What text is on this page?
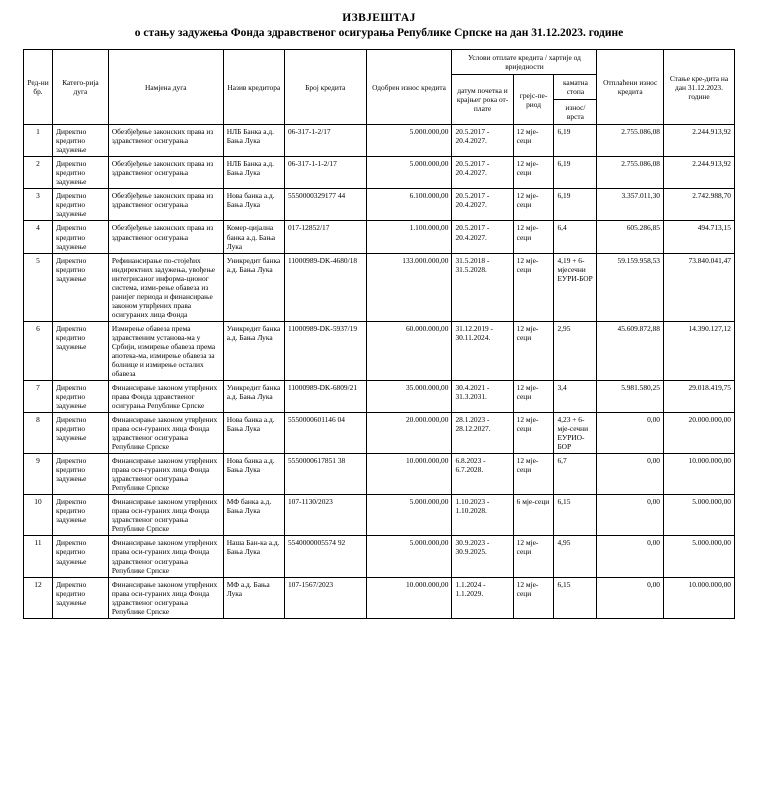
ИЗВЈЕШТАЈ
о стању задужења Фонда здравственог осигурања Републике Српске на дан 31.12.2023. године
Ред-ни бр.	Катего-рија дуга	Намјена дуга	Назив кредитора	Број кредита	Одобрен износ кредита	Услови отплате кредита / хартије од вриједности			Отплаћени износ кредита	Стање кре-дита на дан 31.12.2023. године
						датум почетка и крајњег рока от-плате	грејс-пе-риод	каматна стопа		
								износ/ врста		
1	Директно кредитно задужење	Обезбјеђење законских права из здравственог осигурања	НЛБ Банка а.д. Бања Лука	06-317-1-2/17	5.000.000,00	20.5.2017 - 20.4.2027.	12 мје-сеци	6,19	2.755.086,08	2.244.913,92
2	Директно кредитно задужење	Обезбјеђење законских права из здравственог осигурања	НЛБ Банка а.д. Бања Лука	06-317-1-1-2/17	5.000.000,00	20.5.2017 - 20.4.2027.	12 мје-сеци	6,19	2.755.086,08	2.244.913,92
3	Директно кредитно задужење	Обезбјеђење законских права из здравственог осигурања	Нова банка а.д. Бања Лука	5550000329177 44	6.100.000,00	20.5.2017 - 20.4.2027.	12 мје-сеци	6,19	3.357.011,30	2.742.988,70
4	Директно кредитно задужење	Обезбјеђење законских права из здравственог осигурања	Комер-цијална банка а.д. Бања Лука	017-12852/17	1.100.000,00	20.5.2017 - 20.4.2027.	12 мје-сеци	6,4	605.286,85	494.713,15
5	Директно кредитно задужење	Рефинансирање по-стојећих индиректних задужења, увођење интегрисаног информа-ционог система, изми-рење обавеза из ранијег периода и финансирање законом утврђених права осигураних лица Фонда	Уникредит банка а.д. Бања Лука	11000989-DK-4680/18	133.000.000,00	31.5.2018 - 31.5.2028.	12 мје-сеци	4,19 + 6-мјесечни ЕУРИ-БОР	59.159.958,53	73.840.041,47
6	Директно кредитно задужење	Измирење обавеза према здравственим установа-ма у Србији, измирење обавеза према апотека-ма, измирење обавеза за болнице и измирење осталих обавеза	Уникредит банка а.д. Бања Лука	11000989-DK-5937/19	60.000.000,00	31.12.2019 - 30.11.2024.	12 мје-сеци	2,95	45.609.872,88	14.390.127,12
7	Директно кредитно задужење	Финансирање законом утврђених права Фонда здравственог осигурања Републике Српске	Уникредит банка а.д. Бања Лука	11000989-DK-6809/21	35.000.000,00	30.4.2021 - 31.3.2031.	12 мје-сеци	3,4	5.981.580,25	29.018.419,75
8	Директно кредитно задужење	Финансирање законом утврђених права оси-гураних лица Фонда здравственог осигурања Републике Српске	Нова банка а.д. Бања Лука	5550000601146 04	20.000.000,00	28.1.2023 - 28.12.2027.	12 мје-сеци	4,23 + 6-мје-сечни ЕУРИО-БОР	0,00	20.000.000,00
9	Директно кредитно задужење	Финансирање законом утврђених права оси-гураних лица Фонда здравственог осигурања Републике Српске	Нова банка а.д. Бања Лука	5550000617851 38	10.000.000,00	6.8.2023 - 6.7.2028.	12 мје-сеци	6,7	0,00	10.000.000,00
10	Директно кредитно задужење	Финансирање законом утврђених права оси-гураних лица Фонда здравственог осигурања Републике Српске	МФ банка а.д. Бања Лука	107-1130/2023	5.000.000,00	1.10.2023 - 1.10.2028.	6 мје-сеци	6,15	0,00	5.000.000,00
11	Директно кредитно задужење	Финансирање законом утврђених права оси-гураних лица Фонда здравственог осигурања Републике Српске	Наша Бан-ка а.д. Бања Лука	5540000005574 92	5.000.000,00	30.9.2023 - 30.9.2025.	12 мје-сеци	4,95	0,00	5.000.000,00
12	Директно кредитно задужење	Финансирање законом утврђених права оси-гураних лица Фонда здравственог осигурања Републике Српске	МФ а.д. Бања Лука	107-1567/2023	10.000.000,00	1.1.2024 - 1.1.2029.	12 мје-сеци	6,15	0,00	10.000.000,00
